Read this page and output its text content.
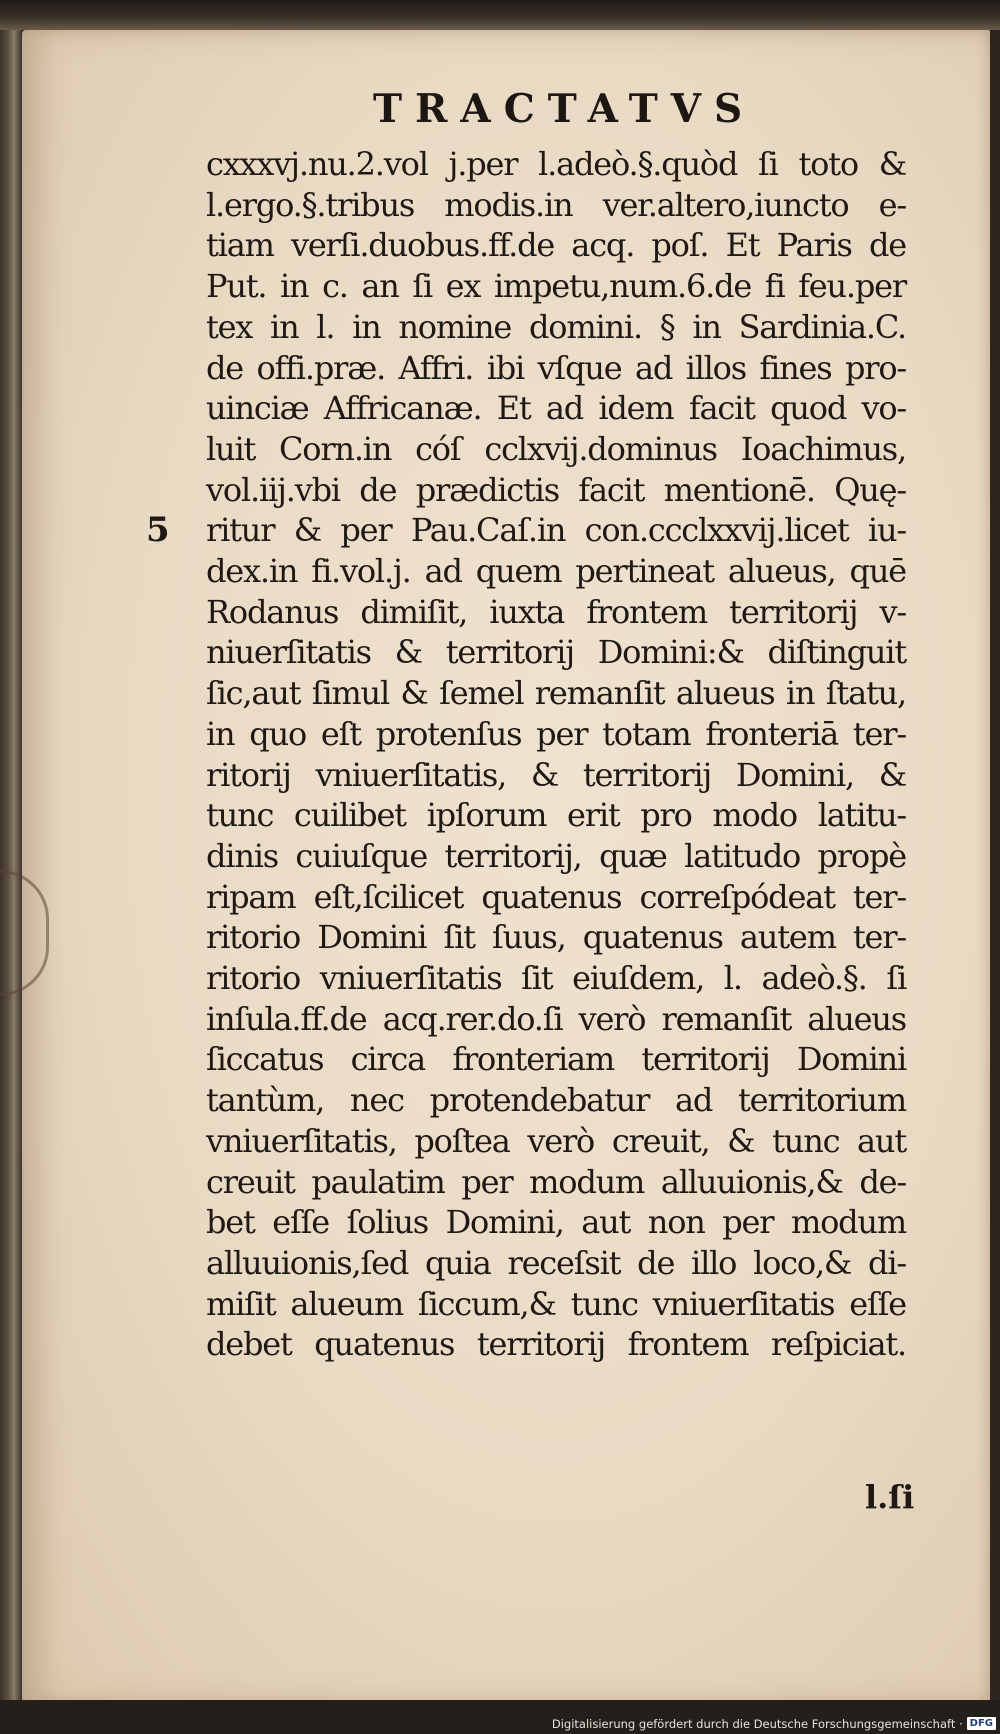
TRACTATVS
5
cxxxvj.nu.2.vol j.per l.adeò.§.quòd ſi toto &
l.ergo.§.tribus modis.in ver.altero,iuncto e-
tiam verſi.duobus.ff.de acq. poſ. Et Paris de
Put. in c. an ſi ex impetu,num.6.de fi feu.per
tex in l. in nomine domini. § in Sardinia.C.
de offi.præ. Affri. ibi vſque ad illos fines pro-
uinciæ Affricanæ. Et ad idem facit quod vo-
luit Corn.in cóſ cclxvij.dominus Ioachimus,
vol.iij.vbi de prædictis facit mentionē. Quę-
ritur & per Pau.Caſ.in con.ccclxxvij.licet iu-
dex.in fi.vol.j. ad quem pertineat alueus, quē
Rodanus dimiſit, iuxta frontem territorij v-
niuerſitatis & territorij Domini:& diſtinguit
ſic,aut ſimul & ſemel remanſit alueus in ſtatu,
in quo eſt protenſus per totam fronteriā ter-
ritorij vniuerſitatis, & territorij Domini, &
tunc cuilibet ipſorum erit pro modo latitu-
dinis cuiuſque territorij, quæ latitudo propè
ripam eſt,ſcilicet quatenus correſpódeat ter-
ritorio Domini ſit ſuus, quatenus autem ter-
ritorio vniuerſitatis ſit eiuſdem, l. adeò.§. ſi
inſula.ff.de acq.rer.do.ſi verò remanſit alueus
ſiccatus circa fronteriam territorij Domini
tantùm, nec protendebatur ad territorium
vniuerſitatis, poſtea verò creuit, & tunc aut
creuit paulatim per modum alluuionis,& de-
bet eſſe ſolius Domini, aut non per modum
alluuionis,ſed quia receſsit de illo loco,& di-
miſit alueum ſiccum,& tunc vniuerſitatis eſſe
debet quatenus territorij frontem reſpiciat.
l.ſi
Digitalisierung gefördert durch die Deutsche Forschungsgemeinschaft · DFG
